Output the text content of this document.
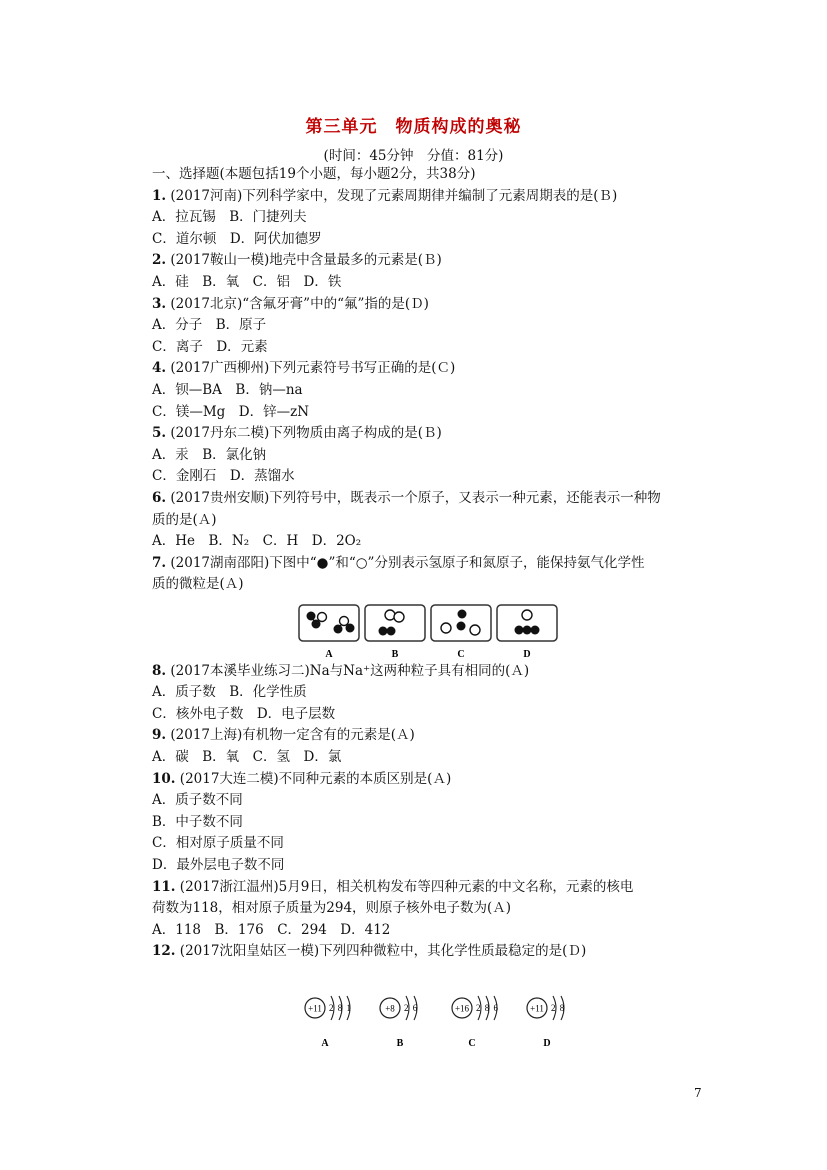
第三单元　物质构成的奥秘
(时间：45分钟　分值：81分)
一、选择题(本题包括19个小题，每小题2分，共38分)
1. (2017河南)下列科学家中，发现了元素周期律并编制了元素周期表的是(Ｂ)
A．拉瓦锡　B．门捷列夫
C．道尔顿　D．阿伏加德罗
2. (2017鞍山一模)地壳中含量最多的元素是(Ｂ)
A．硅　B．氧　C．铝　D．铁
3. (2017北京)“含氟牙膏”中的“氟”指的是(Ｄ)
A．分子　B．原子
C．离子　D．元素
4. (2017广西柳州)下列元素符号书写正确的是(Ｃ)
A．钡—BA　B．钠—na
C．镁—Mg　D．锌—zN
5. (2017丹东二模)下列物质由离子构成的是(Ｂ)
A．汞　B．氯化钠
C．金刚石　D．蒸馏水
6. (2017贵州安顺)下列符号中，既表示一个原子，又表示一种元素，还能表示一种物
质的是(Ａ)
A．He　B．N₂　C．H　D．2O₂
7. (2017湖南邵阳)下图中“●”和“○”分别表示氢原子和氮原子，能保持氨气化学性
质的微粒是(Ａ)
8. (2017本溪毕业练习二)Na与Na⁺这两种粒子具有相同的(Ａ)
A．质子数　B．化学性质
C．核外电子数　D．电子层数
9. (2017上海)有机物一定含有的元素是(Ａ)
A．碳　B．氧　C．氢　D．氯
10. (2017大连二模)不同种元素的本质区别是(Ａ)
A．质子数不同
B．中子数不同
C．相对原子质量不同
D．最外层电子数不同
11. (2017浙江温州)5月9日，相关机构发布等四种元素的中文名称，元素的核电
荷数为118，相对原子质量为294，则原子核外电子数为(Ａ)
A．118　B．176　C．294　D．412
12. (2017沈阳皇姑区一模)下列四种微粒中，其化学性质最稳定的是(Ｄ)
A	B	C	D
+11 2 8 1
A
+8 2 6
B
+16 2 8 6
C
+11 2 8
D
7
